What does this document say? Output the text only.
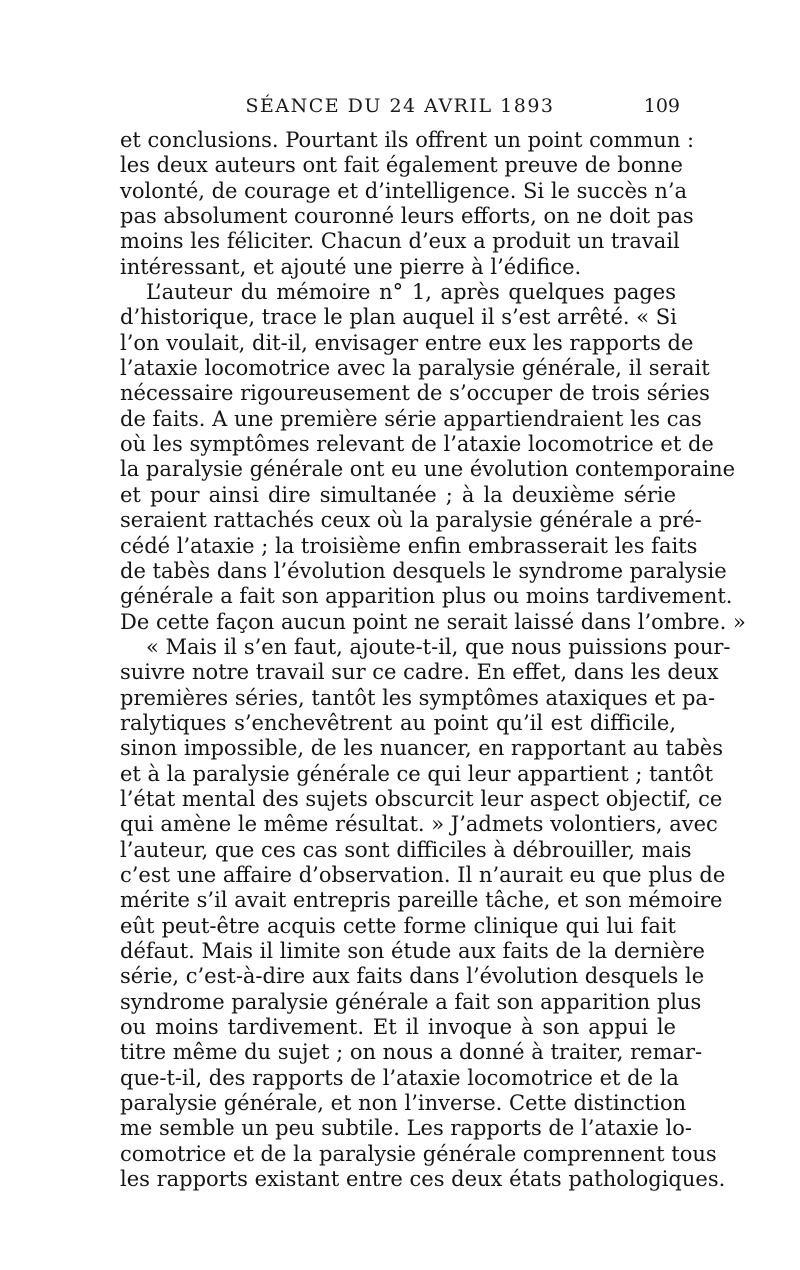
SÉANCE DU 24 AVRIL 1893	109
et conclusions. Pourtant ils offrent un point commun :
les deux auteurs ont fait également preuve de bonne
volonté, de courage et d’intelligence. Si le succès n’a
pas absolument couronné leurs efforts, on ne doit pas
moins les féliciter. Chacun d’eux a produit un travail
intéressant, et ajouté une pierre à l’édifice.
L’auteur du mémoire n° 1, après quelques pages
d’historique, trace le plan auquel il s’est arrêté. « Si
l’on voulait, dit-il, envisager entre eux les rapports de
l’ataxie locomotrice avec la paralysie générale, il serait
nécessaire rigoureusement de s’occuper de trois séries
de faits. A une première série appartiendraient les cas
où les symptômes relevant de l’ataxie locomotrice et de
la paralysie générale ont eu une évolution contemporaine
et pour ainsi dire simultanée ; à la deuxième série
seraient rattachés ceux où la paralysie générale a pré-
cédé l’ataxie ; la troisième enfin embrasserait les faits
de tabès dans l’évolution desquels le syndrome paralysie
générale a fait son apparition plus ou moins tardivement.
De cette façon aucun point ne serait laissé dans l’ombre. »
« Mais il s’en faut, ajoute-t-il, que nous puissions pour-
suivre notre travail sur ce cadre. En effet, dans les deux
premières séries, tantôt les symptômes ataxiques et pa-
ralytiques s’enchevêtrent au point qu’il est difficile,
sinon impossible, de les nuancer, en rapportant au tabès
et à la paralysie générale ce qui leur appartient ; tantôt
l’état mental des sujets obscurcit leur aspect objectif, ce
qui amène le même résultat. » J’admets volontiers, avec
l’auteur, que ces cas sont difficiles à débrouiller, mais
c’est une affaire d’observation. Il n’aurait eu que plus de
mérite s’il avait entrepris pareille tâche, et son mémoire
eût peut-être acquis cette forme clinique qui lui fait
défaut. Mais il limite son étude aux faits de la dernière
série, c’est-à-dire aux faits dans l’évolution desquels le
syndrome paralysie générale a fait son apparition plus
ou moins tardivement. Et il invoque à son appui le
titre même du sujet ; on nous a donné à traiter, remar-
que-t-il, des rapports de l’ataxie locomotrice et de la
paralysie générale, et non l’inverse. Cette distinction
me semble un peu subtile. Les rapports de l’ataxie lo-
comotrice et de la paralysie générale comprennent tous
les rapports existant entre ces deux états pathologiques.
